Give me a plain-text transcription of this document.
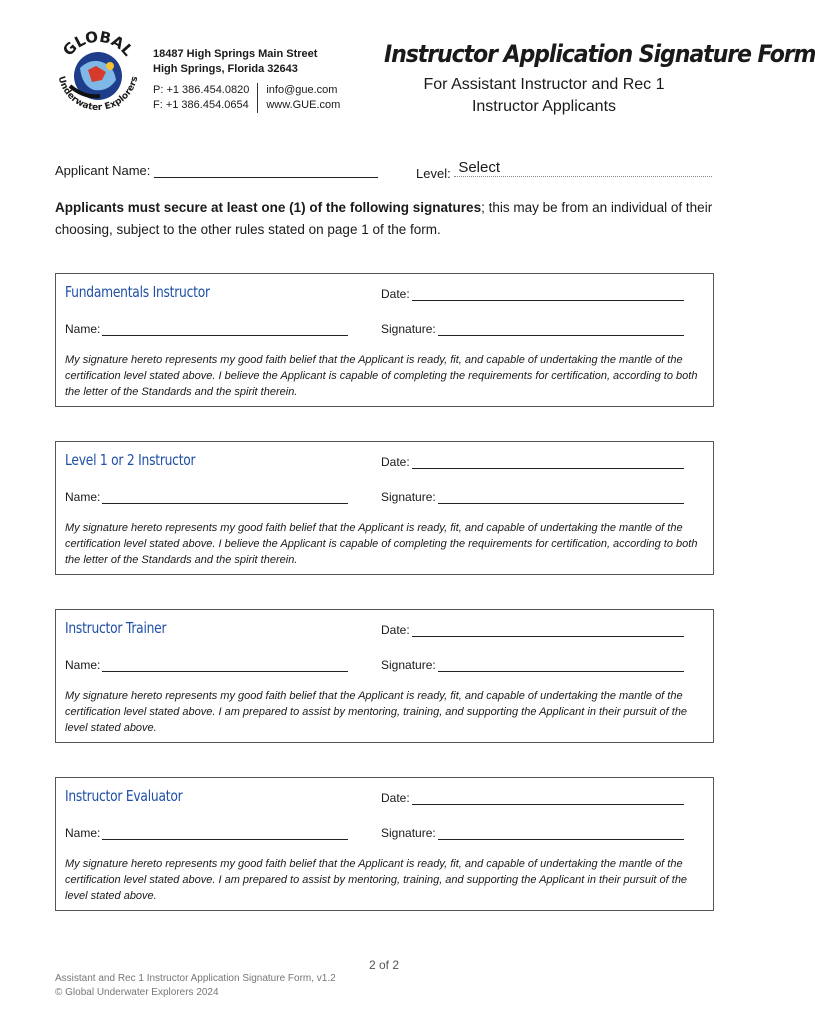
GLOBAL
Underwater Explorers
18487 High Springs Main Street
High Springs, Florida 32643
P: +1 386.454.0820
F: +1 386.454.0654
info@gue.com
www.GUE.com
Instructor Application Signature Form
For Assistant Instructor and Rec 1
Instructor Applicants
Applicant Name:	Level: Select
Applicants must secure at least one (1) of the following signatures; this may be from an individual of their choosing, subject to the other rules stated on page 1 of the form.
Fundamentals Instructor	Date:
Name:	Signature:
My signature hereto represents my good faith belief that the Applicant is ready, fit, and capable of undertaking the mantle of the certification level stated above. I believe the Applicant is capable of completing the requirements for certification, according to both the letter of the Standards and the spirit therein.
Level 1 or 2 Instructor	Date:
Name:	Signature:
My signature hereto represents my good faith belief that the Applicant is ready, fit, and capable of undertaking the mantle of the certification level stated above. I believe the Applicant is capable of completing the requirements for certification, according to both the letter of the Standards and the spirit therein.
Instructor Trainer	Date:
Name:	Signature:
My signature hereto represents my good faith belief that the Applicant is ready, fit, and capable of undertaking the mantle of the certification level stated above. I am prepared to assist by mentoring, training, and supporting the Applicant in their pursuit of the level stated above.
Instructor Evaluator	Date:
Name:	Signature:
My signature hereto represents my good faith belief that the Applicant is ready, fit, and capable of undertaking the mantle of the certification level stated above. I am prepared to assist by mentoring, training, and supporting the Applicant in their pursuit of the level stated above.
2 of 2
Assistant and Rec 1 Instructor Application Signature Form, v1.2
© Global Underwater Explorers 2024
